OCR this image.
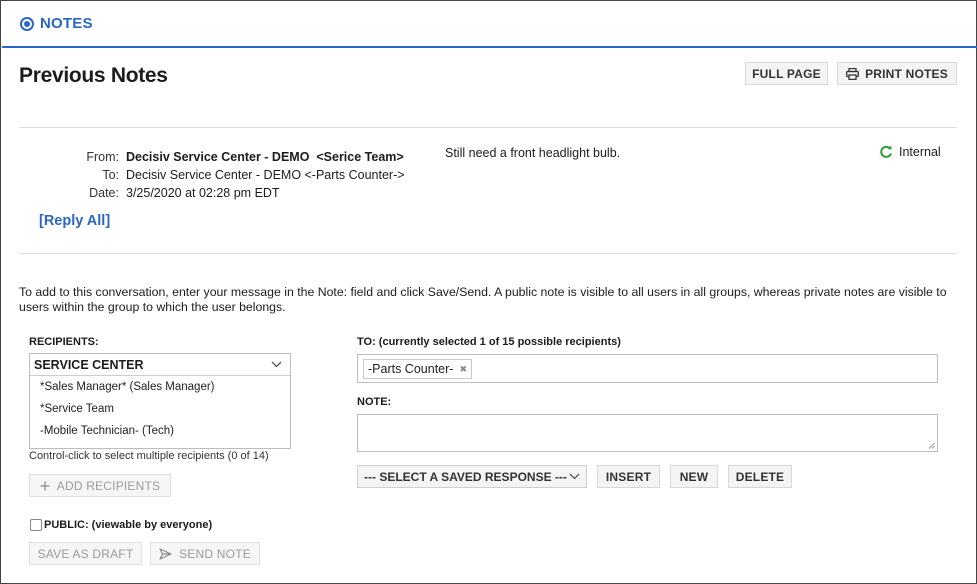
NOTES
Previous Notes	FULL PAGE	PRINT NOTES
From: Decisiv Service Center - DEMO  <Serice Team>
To: Decisiv Service Center - DEMO <-Parts Counter->
Date: 3/25/2020 at 02:28 pm EDT
Still need a front headlight bulb.	Internal
[Reply All]
To add to this conversation, enter your message in the Note: field and click Save/Send. A public note is visible to all users in all groups, whereas private notes are visible to users within the group to which the user belongs.
RECIPIENTS:
SERVICE CENTER
*Sales Manager* (Sales Manager)
*Service Team
-Mobile Technician- (Tech)
Control-click to select multiple recipients (0 of 14)
ADD RECIPIENTS
TO: (currently selected 1 of 15 possible recipients)
-Parts Counter- ✖
NOTE:
--- SELECT A SAVED RESPONSE ---	INSERT NEW DELETE
PUBLIC: (viewable by everyone)
SAVE AS DRAFT	SEND NOTE
